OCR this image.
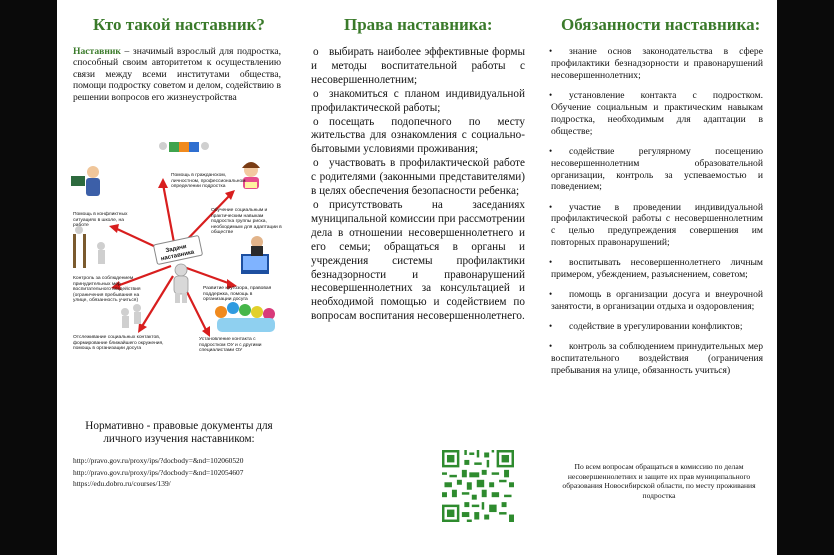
Кто такой наставник?
Наставник – значимый взрослый для подростка, способный своим авторитетом к осуществлению связи между всеми институтами общества, помощи подростку советом и делом, содействию в решении вопросов его жизнеустройства
Помощь в гражданском, личностном, профессиональном определении подростка
Обучение социальным и практическим навыкам подростка группы риска, необходимым для адаптации в обществе
Помощь в конфликтных ситуациях в школе, на работе
Контроль за соблюдением принудительных мер воспитательного воздействия (ограничения пребывания на улице, обязанность учиться)
Развитие кругозора, правовая поддержка, помощь в организации досуга
Отслеживание социальных контактов, формирование ближайшего окружения, помощь в организации досуга
Установление контакта с подростком ОУ и с другими специалистами ОУ
Задачи наставника
Нормативно - правовые документы для личного изучения наставником:
http://pravo.gov.ru/proxy/ips/?docbody=&nd=102060520
http://pravo.gov.ru/proxy/ips/?docbody=&nd=102054607
https://edu.dobro.ru/courses/139/
Права наставника:
o выбирать наиболее эффективные формы и методы воспитательной работы с несовершеннолетним;
o знакомиться с планом индивидуальной профилактической работы;
o посещать подопечного по месту жительства для ознакомления с социально-бытовыми условиями проживания;
o участвовать в профилактической работе с родителями (законными представителями) в целях обеспечения безопасности ребенка;
o присутствовать на заседаниях муниципальной комиссии при рассмотрении дела в отношении несовершеннолетнего и его семьи; обращаться в органы и учреждения системы профилактики безнадзорности и правонарушений несовершеннолетних за консультацией и необходимой помощью и содействием по вопросам воспитания несовершеннолетнего.
Обязанности наставника:
• знание основ законодательства в сфере профилактики безнадзорности и правонарушений несовершеннолетних;
• установление контакта с подростком. Обучение социальным и практическим навыкам подростка, необходимым для адаптации в обществе;
• содействие регулярному посещению несовершеннолетним образовательной организации, контроль за успеваемостью и поведением;
• участие в проведении индивидуальной профилактической работы с несовершеннолетним с целью предупреждения совершения им повторных правонарушений;
• воспитывать несовершеннолетнего личным примером, убеждением, разъяснением, советом;
• помощь в организации досуга и внеурочной занятости, в организации отдыха и оздоровления;
• содействие в урегулировании конфликтов;
• контроль за соблюдением принудительных мер воспитательного воздействия (ограничения пребывания на улице, обязанность учиться)
По всем вопросам обращаться в комиссию по делам несовершеннолетних и защите их прав муниципального образования Новосибирской области, по месту проживания подростка
